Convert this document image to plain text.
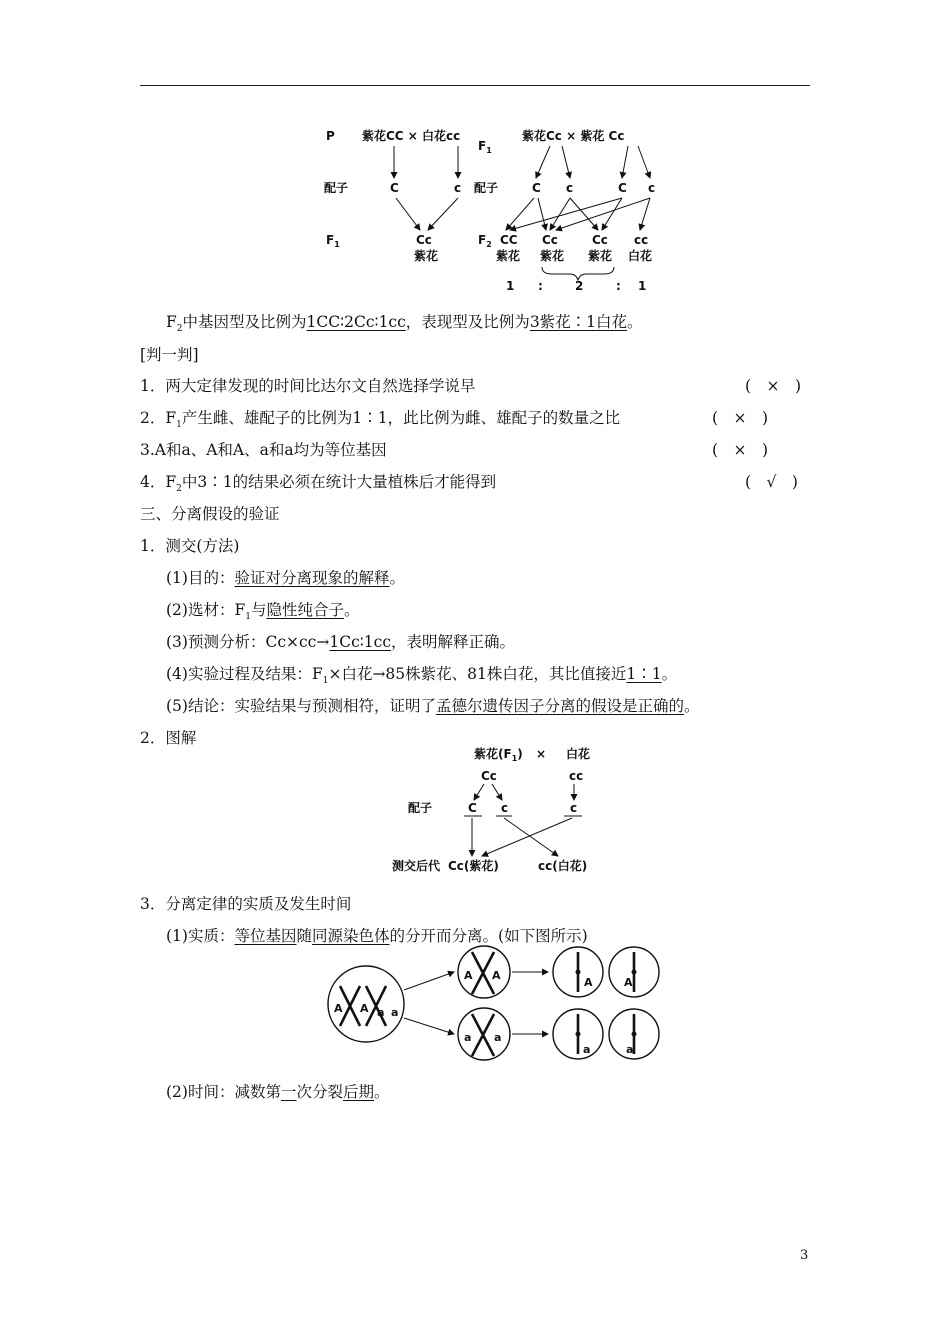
P 紫花CC × 白花cc
配子	C	c
$F_1$	Cc
紫花
$F_1$
紫花Cc × 紫花 Cc
配子	C c	C c
$F_2$ CC
紫花
Cc
紫花
Cc
紫花
cc
白花
1 :	2	: 1
$F_2$中基因型及比例为1CC∶2Cc∶1cc，表现型及比例为3紫花∶1白花。
[判一判]
1．两大定律发现的时间比达尔文自然选择学说早	(　×　)
2．$F_1$产生雌、雄配子的比例为1∶1，此比例为雌、雄配子的数量之比	(　×　)
3.A和a、A和A、a和a均为等位基因	(　×　)
4．$F_2$中3∶1的结果必须在统计大量植株后才能得到	(　√　)
三、分离假设的验证
1．测交(方法)
(1)目的：验证对分离现象的解释。
(2)选材：$F_1$与隐性纯合子。
(3)预测分析：Cc×cc→1Cc∶1cc，表明解释正确。
(4)实验过程及结果：$F_1\times$白花→85株紫花、81株白花，其比值接近1∶1。
(5)结论：实验结果与预测相符，证明了孟德尔遗传因子分离的假设是正确的。
2．图解
紫花$(F_1)$ × 白花
Cc	cc
配子	C c	c
测交后代 Cc(紫花)	cc(白花)
3．分离定律的实质及发生时间
(1)实质：等位基因随同源染色体的分开而分离。(如下图所示)
A A a a
A A
a a
A	A
a	a
(2)时间：减数第一次分裂后期。
3
